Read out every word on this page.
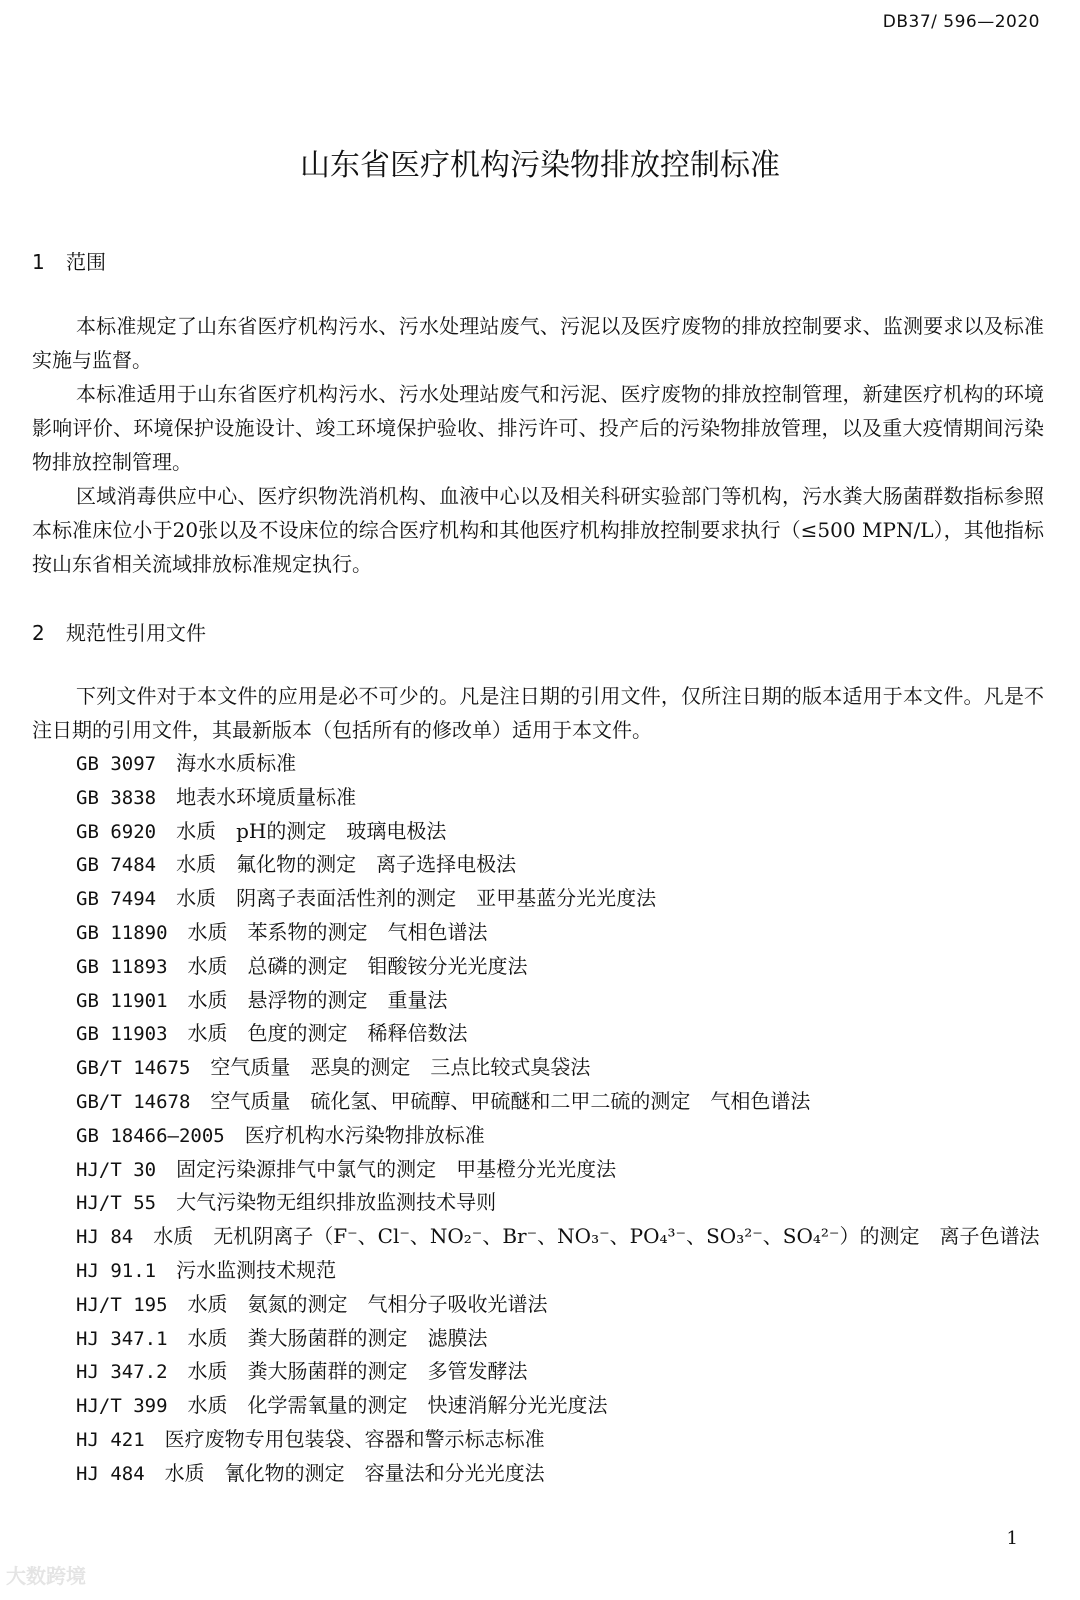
DB37/ 596—2020
山东省医疗机构污染物排放控制标准
1 范围

本标准规定了山东省医疗机构污水、污水处理站废气、污泥以及医疗废物的排放控制要求、监测要求以及标准实施与监督。

本标准适用于山东省医疗机构污水、污水处理站废气和污泥、医疗废物的排放控制管理，新建医疗机构的环境影响评价、环境保护设施设计、竣工环境保护验收、排污许可、投产后的污染物排放管理，以及重大疫情期间污染物排放控制管理。

区域消毒供应中心、医疗织物洗消机构、血液中心以及相关科研实验部门等机构，污水粪大肠菌群数指标参照本标准床位小于20张以及不设床位的综合医疗机构和其他医疗机构排放控制要求执行（≤500 MPN/L），其他指标按山东省相关流域排放标准规定执行。

2 规范性引用文件

下列文件对于本文件的应用是必不可少的。凡是注日期的引用文件，仅所注日期的版本适用于本文件。凡是不注日期的引用文件，其最新版本（包括所有的修改单）适用于本文件。

GB 3097 海水水质标准
GB 3838 地表水环境质量标准
GB 6920 水质　pH的测定　玻璃电极法
GB 7484 水质　氟化物的测定　离子选择电极法
GB 7494 水质　阴离子表面活性剂的测定　亚甲基蓝分光光度法
GB 11890 水质　苯系物的测定　气相色谱法
GB 11893 水质　总磷的测定　钼酸铵分光光度法
GB 11901 水质　悬浮物的测定　重量法
GB 11903 水质　色度的测定　稀释倍数法
GB/T 14675 空气质量　恶臭的测定　三点比较式臭袋法
GB/T 14678 空气质量　硫化氢、甲硫醇、甲硫醚和二甲二硫的测定　气相色谱法
GB 18466—2005 医疗机构水污染物排放标准
HJ/T 30 固定污染源排气中氯气的测定　甲基橙分光光度法
HJ/T 55 大气污染物无组织排放监测技术导则
HJ 84 水质　无机阴离子（F⁻、Cl⁻、NO₂⁻、Br⁻、NO₃⁻、PO₄³⁻、SO₃²⁻、SO₄²⁻）的测定　离子色谱法
HJ 91.1 污水监测技术规范
HJ/T 195 水质　氨氮的测定　气相分子吸收光谱法
HJ 347.1 水质　粪大肠菌群的测定　滤膜法
HJ 347.2 水质　粪大肠菌群的测定　多管发酵法
HJ/T 399 水质　化学需氧量的测定　快速消解分光光度法
HJ 421 医疗废物专用包装袋、容器和警示标志标准
HJ 484 水质　氰化物的测定　容量法和分光光度法
大数跨境
1
